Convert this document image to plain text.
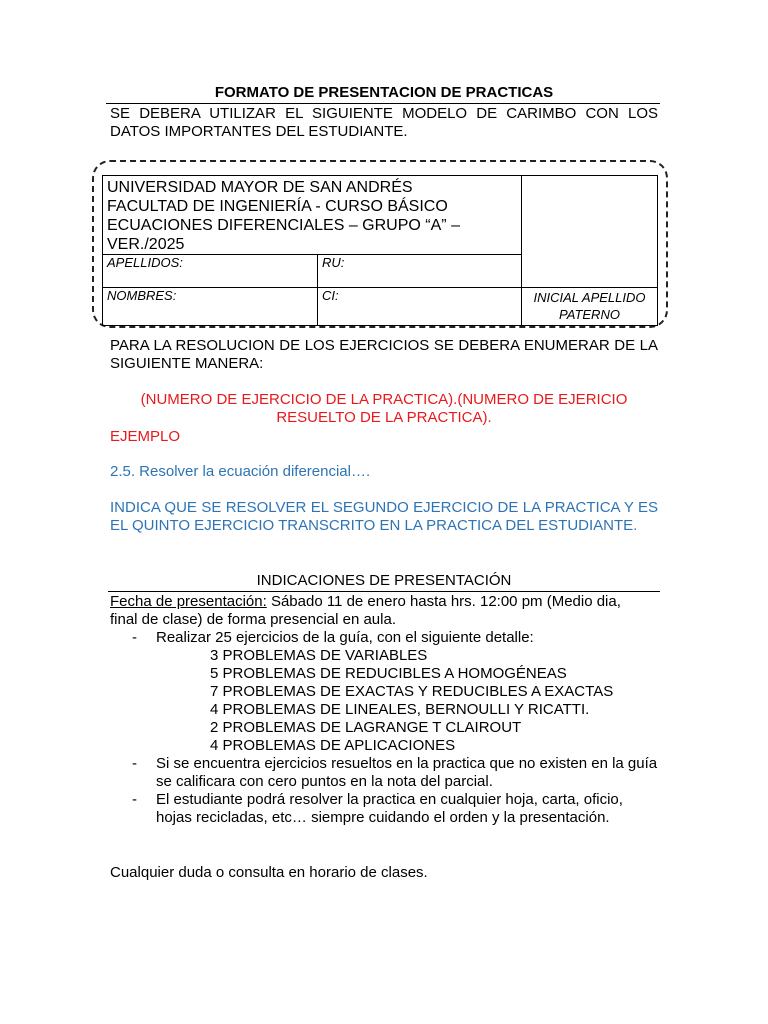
FORMATO DE PRESENTACION DE PRACTICAS
SE DEBERA UTILIZAR EL SIGUIENTE MODELO DE CARIMBO CON LOS DATOS IMPORTANTES DEL ESTUDIANTE.
UNIVERSIDAD MAYOR DE SAN ANDRÉS
FACULTAD DE INGENIERÍA - CURSO BÁSICO
ECUACIONES DIFERENCIALES – GRUPO “A” – VER./2025		

APELLIDOS:	RU:	
NOMBRES:	CI:	INICIAL APELLIDO PATERNO
PARA LA RESOLUCION DE LOS EJERCICIOS SE DEBERA ENUMERAR DE LA SIGUIENTE MANERA:
(NUMERO DE EJERCICIO DE LA PRACTICA).(NUMERO DE EJERICIO RESUELTO DE LA PRACTICA).
EJEMPLO
2.5. Resolver la ecuación diferencial….
INDICA QUE SE RESOLVER EL SEGUNDO EJERCICIO DE LA PRACTICA Y ES EL QUINTO EJERCICIO TRANSCRITO EN LA PRACTICA DEL ESTUDIANTE.
INDICACIONES DE PRESENTACIÓN
Fecha de presentación: Sábado 11 de enero hasta hrs. 12:00 pm (Medio dia, final de clase) de forma presencial en aula.
- Realizar 25 ejercicios de la guía, con el siguiente detalle:
3 PROBLEMAS DE VARIABLES
5 PROBLEMAS DE REDUCIBLES A HOMOGÉNEAS
7 PROBLEMAS DE EXACTAS Y REDUCIBLES A EXACTAS
4 PROBLEMAS DE LINEALES, BERNOULLI Y RICATTI.
2 PROBLEMAS DE LAGRANGE T CLAIROUT
4 PROBLEMAS DE APLICACIONES
- Si se encuentra ejercicios resueltos en la practica que no existen en la guía se calificara con cero puntos en la nota del parcial.
- El estudiante podrá resolver la practica en cualquier hoja, carta, oficio, hojas recicladas, etc… siempre cuidando el orden y la presentación.
Cualquier duda o consulta en horario de clases.
